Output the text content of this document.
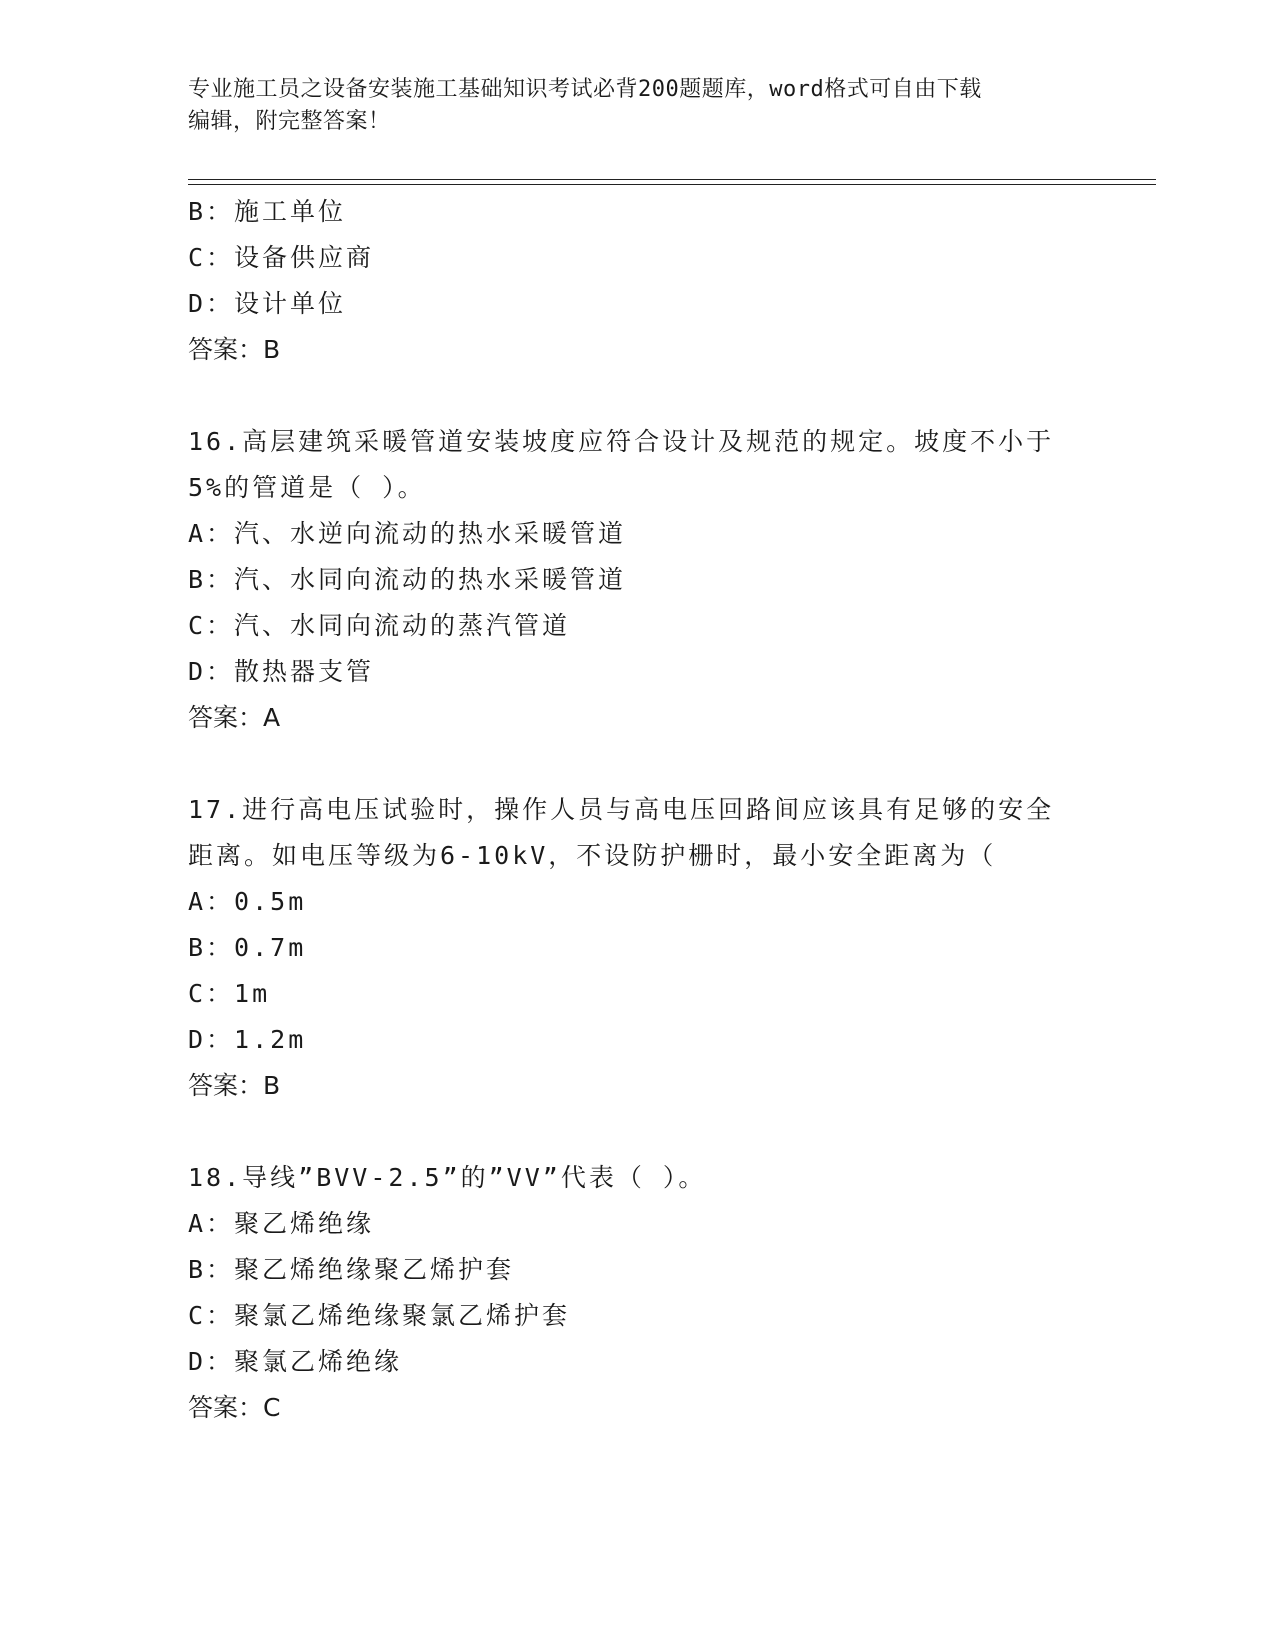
专业施工员之设备安装施工基础知识考试必背200题题库，word格式可自由下载
编辑，附完整答案！
B：施工单位
C：设备供应商
D：设计单位
答案：B
16.高层建筑采暖管道安装坡度应符合设计及规范的规定。坡度不小于
5%的管道是（ ）。
A：汽、水逆向流动的热水采暖管道
B：汽、水同向流动的热水采暖管道
C：汽、水同向流动的蒸汽管道
D：散热器支管
答案：A
17.进行高电压试验时，操作人员与高电压回路间应该具有足够的安全
距离。如电压等级为6-10kV，不设防护栅时，最小安全距离为（
A：0.5m
B：0.7m
C：1m
D：1.2m
答案：B
18.导线”BVV-2.5”的”VV”代表（ ）。
A：聚乙烯绝缘
B：聚乙烯绝缘聚乙烯护套
C：聚氯乙烯绝缘聚氯乙烯护套
D：聚氯乙烯绝缘
答案：C
